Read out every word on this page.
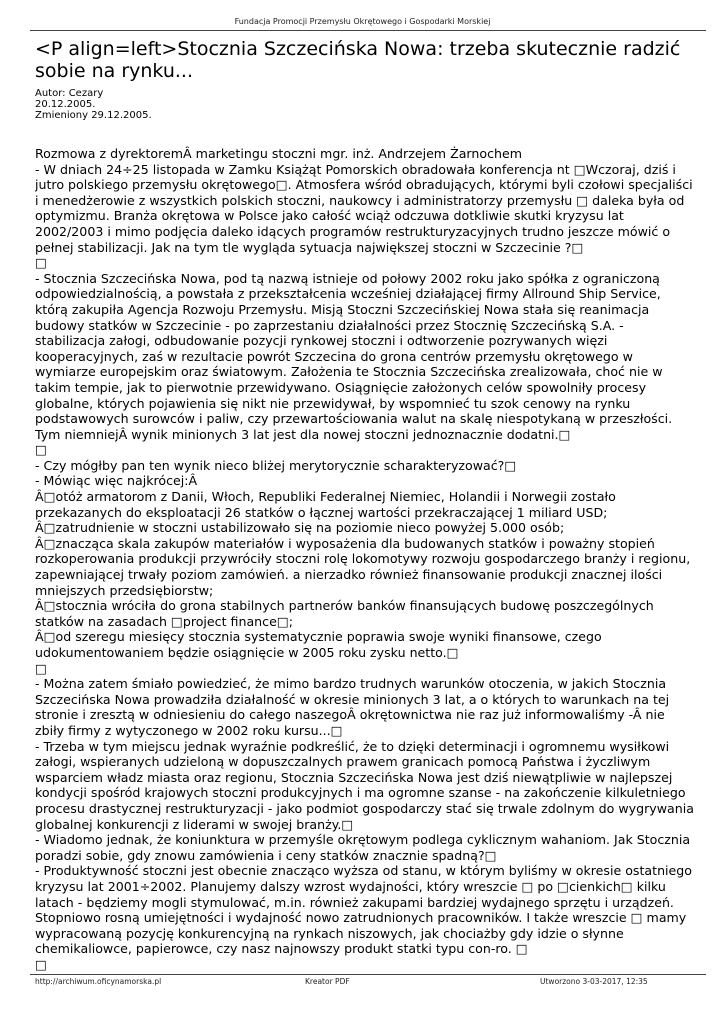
Fundacja Promocji Przemysłu Okrętowego i Gospodarki Morskiej
<P align=left>Stocznia Szczecińska Nowa: trzeba skutecznie radzić sobie na rynku...
Autor: Cezary
20.12.2005.
Zmieniony 29.12.2005.

Rozmowa z dyrektoremÂ marketingu stoczni mgr. inż. Andrzejem Żarnochem

- W dniach 24÷25 listopada w Zamku Książąt Pomorskich obradowała konferencja nt □Wczoraj, dziś i jutro polskiego przemysłu okrętowego□. Atmosfera wśród obradujących, którymi byli czołowi specjaliści i menedżerowie z wszystkich polskich stoczni, naukowcy i administratorzy przemysłu □ daleka była od optymizmu. Branża okrętowa w Polsce jako całość wciąż odczuwa dotkliwie skutki kryzysu lat 2002/2003 i mimo podjęcia daleko idących programów restrukturyzacyjnych trudno jeszcze mówić o pełnej stabilizacji. Jak na tym tle wygląda sytuacja największej stoczni w Szczecinie ?□

□

- Stocznia Szczecińska Nowa, pod tą nazwą istnieje od połowy 2002 roku jako spółka z ograniczoną odpowiedzialnością, a powstała z przekształcenia wcześniej działającej firmy Allround Ship Service, którą zakupiła Agencja Rozwoju Przemysłu. Misją Stoczni Szczecińskiej Nowa stała się reanimacja budowy statków w Szczecinie - po zaprzestaniu działalności przez Stocznię Szczecińską S.A. - stabilizacja załogi, odbudowanie pozycji rynkowej stoczni i odtworzenie pozrywanych więzi kooperacyjnych, zaś w rezultacie powrót Szczecina do grona centrów przemysłu okrętowego w wymiarze europejskim oraz światowym. Założenia te Stocznia Szczecińska zrealizowała, choć nie w takim tempie, jak to pierwotnie przewidywano. Osiągnięcie założonych celów spowolniły procesy globalne, których pojawienia się nikt nie przewidywał, by wspomnieć tu szok cenowy na rynku podstawowych surowców i paliw, czy przewartościowania walut na skalę niespotykaną w przeszłości. Tym niemniejÂ wynik minionych 3 lat jest dla nowej stoczni jednoznacznie dodatni.□

□

- Czy mógłby pan ten wynik nieco bliżej merytorycznie scharakteryzować?□

- Mówiąc więc najkrócej:Â

Â□otóż armatorom z Danii, Włoch, Republiki Federalnej Niemiec, Holandii i Norwegii zostało przekazanych do eksploatacji 26 statków o łącznej wartości przekraczającej 1 miliard USD;

Â□zatrudnienie w stoczni ustabilizowało się na poziomie nieco powyżej 5.000 osób;

Â□znacząca skala zakupów materiałów i wyposażenia dla budowanych statków i poważny stopień rozkoperowania produkcji przywróciły stoczni rolę lokomotywy rozwoju gospodarczego branży i regionu, zapewniającej trwały poziom zamówień. a nierzadko również finansowanie produkcji znacznej ilości mniejszych przedsiębiorstw;

Â□stocznia wróciła do grona stabilnych partnerów banków finansujących budowę poszczególnych statków na zasadach □project finance□;

Â□od szeregu miesięcy stocznia systematycznie poprawia swoje wyniki finansowe, czego udokumentowaniem będzie osiągnięcie w 2005 roku zysku netto.□

□

- Można zatem śmiało powiedzieć, że mimo bardzo trudnych warunków otoczenia, w jakich Stocznia Szczecińska Nowa prowadziła działalność w okresie minionych 3 lat, a o których to warunkach na tej stronie i zresztą w odniesieniu do całego naszegoÂ okrętownictwa nie raz już informowaliśmy -Â nie zbiły firmy z wytyczonego w 2002 roku kursu...□

- Trzeba w tym miejscu jednak wyraźnie podkreślić, że to dzięki determinacji i ogromnemu wysiłkowi załogi, wspieranych udzieloną w dopuszczalnych prawem granicach pomocą Państwa i życzliwym wsparciem władz miasta oraz regionu, Stocznia Szczecińska Nowa jest dziś niewątpliwie w najlepszej kondycji spośród krajowych stoczni produkcyjnych i ma ogromne szanse - na zakończenie kilkuletniego procesu drastycznej restrukturyzacji - jako podmiot gospodarczy stać się trwale zdolnym do wygrywania globalnej konkurencji z liderami w swojej branży.□

- Wiadomo jednak, że koniunktura w przemyśle okrętowym podlega cyklicznym wahaniom. Jak Stocznia poradzi sobie, gdy znowu zamówienia i ceny statków znacznie spadną?□

- Produktywność stoczni jest obecnie znacząco wyższa od stanu, w którym byliśmy w okresie ostatniego kryzysu lat 2001÷2002. Planujemy dalszy wzrost wydajności, który wreszcie □ po □cienkich□ kilku latach - będziemy mogli stymulować, m.in. również zakupami bardziej wydajnego sprzętu i urządzeń. Stopniowo rosną umiejętności i wydajność nowo zatrudnionych pracowników. I także wreszcie □ mamy wypracowaną pozycję konkurencyjną na rynkach niszowych, jak chociażby gdy idzie o słynne chemikaliowce, papierowce, czy nasz najnowszy produkt statki typu con-ro. □

□

http://archiwum.oficynamorska.pl	Kreator PDF	Utworzono 3-03-2017, 12:35
